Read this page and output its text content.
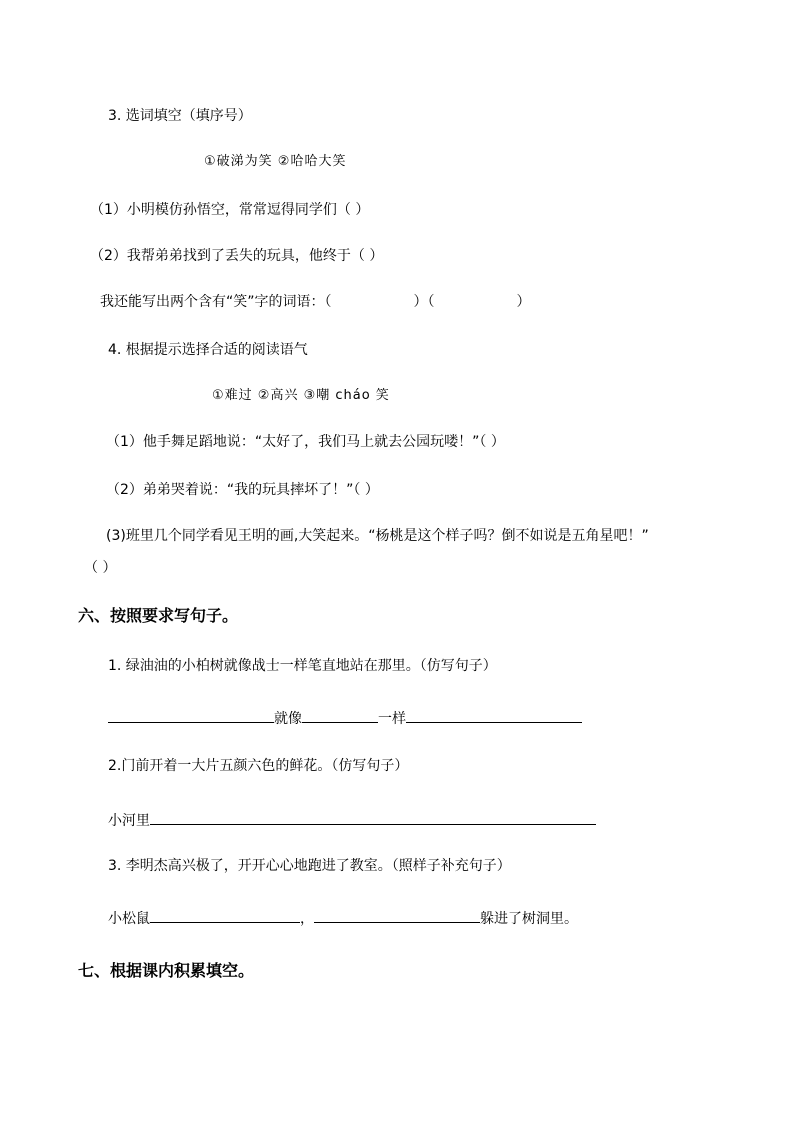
3. 选词填空（填序号）
①破涕为笑 ②哈哈大笑
（1）小明模仿孙悟空，常常逗得同学们（ ）
（2）我帮弟弟找到了丢失的玩具，他终于（ ）
我还能写出两个含有“笑”字的词语：（	）（	）
4. 根据提示选择合适的阅读语气
①难过 ②高兴 ③嘲 cháo 笑
（1）他手舞足蹈地说：“太好了，我们马上就去公园玩喽！”（ ）
（2）弟弟哭着说：“我的玩具摔坏了！”（ ）
(3)班里几个同学看见王明的画,大笑起来。“杨桃是这个样子吗？倒不如说是五角星吧！”
（ ）
六、按照要求写句子。
1. 绿油油的小柏树就像战士一样笔直地站在那里。（仿写句子）
就像	一样
2.门前开着一大片五颜六色的鲜花。（仿写句子）
小河里
3. 李明杰高兴极了，开开心心地跑进了教室。（照样子补充句子）
小松鼠	，	躲进了树洞里。
七、根据课内积累填空。
